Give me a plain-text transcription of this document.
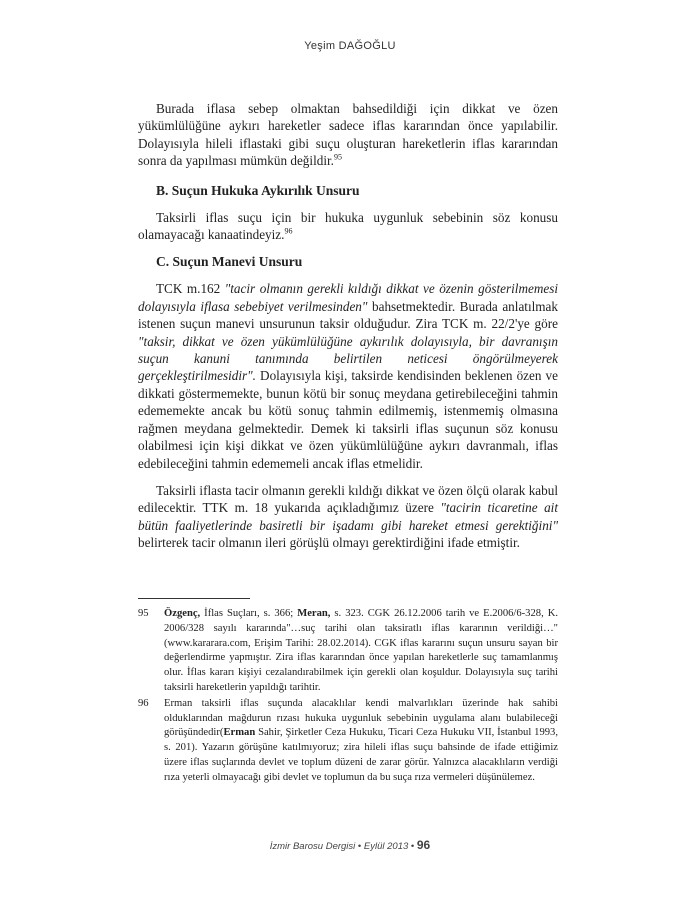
Yeşim DAĞOĞLU

Burada iflasa sebep olmaktan bahsedildiği için dikkat ve özen yükümlülüğüne aykırı hareketler sadece iflas kararından önce yapılabilir. Dolayısıyla hileli iflastaki gibi suçu oluşturan hareketlerin iflas kararından sonra da yapılması mümkün değildir.$^{95}$

B. Suçun Hukuka Aykırılık Unsuru

Taksirli iflas suçu için bir hukuka uygunluk sebebinin söz konusu olamayacağı kanaatindeyiz.$^{96}$

C. Suçun Manevi Unsuru

TCK m.162 "tacir olmanın gerekli kıldığı dikkat ve özenin gösterilmemesi dolayısıyla iflasa sebebiyet verilmesinden" bahsetmektedir. Burada anlatılmak istenen suçun manevi unsurunun taksir olduğudur. Zira TCK m. 22/2'ye göre "taksir, dikkat ve özen yükümlülüğüne aykırılık dolayısıyla, bir davranışın suçun kanuni tanımında belirtilen neticesi öngörülmeyerek gerçekleştirilmesidir". Dolayısıyla kişi, taksirde kendisinden beklenen özen ve dikkati göstermemekte, bunun kötü bir sonuç meydana getirebileceğini tahmin edememekte ancak bu kötü sonuç tahmin edilmemiş, istenmemiş olmasına rağmen meydana gelmektedir. Demek ki taksirli iflas suçunun söz konusu olabilmesi için kişi dikkat ve özen yükümlülüğüne aykırı davranmalı, iflas edebileceğini tahmin edememeli ancak iflas etmelidir.

Taksirli iflasta tacir olmanın gerekli kıldığı dikkat ve özen ölçü olarak kabul edilecektir. TTK m. 18 yukarıda açıkladığımız üzere "tacirin ticaretine ait bütün faaliyetlerinde basiretli bir işadamı gibi hareket etmesi gerektiğini" belirterek tacir olmanın ileri görüşlü olmayı gerektirdiğini ifade etmiştir.

95 Özgenç, İflas Suçları, s. 366; Meran, s. 323. CGK 26.12.2006 tarih ve E.2006/6-328, K. 2006/328 sayılı kararında"…suç tarihi olan taksiratlı iflas kararının verildiği…"(www.kararara.com, Erişim Tarihi: 28.02.2014). CGK iflas kararını suçun unsuru sayan bir değerlendirme yapmıştır. Zira iflas kararından önce yapılan hareketlerle suç tamamlanmış olur. İflas kararı kişiyi cezalandırabilmek için gerekli olan koşuldur. Dolayısıyla suç tarihi taksirli hareketlerin yapıldığı tarihtir.
96 Erman taksirli iflas suçunda alacaklılar kendi malvarlıkları üzerinde hak sahibi olduklarından mağdurun rızası hukuka uygunluk sebebinin uygulama alanı bulabileceği görüşündedir(Erman Sahir, Şirketler Ceza Hukuku, Ticari Ceza Hukuku VII, İstanbul 1993, s. 201). Yazarın görüşüne katılmıyoruz; zira hileli iflas suçu bahsinde de ifade ettiğimiz üzere iflas suçlarında devlet ve toplum düzeni de zarar görür. Yalnızca alacaklıların verdiği rıza yeterli olmayacağı gibi devlet ve toplumun da bu suça rıza vermeleri düşünülemez.
İzmir Barosu Dergisi • Eylül 2013 • 96
